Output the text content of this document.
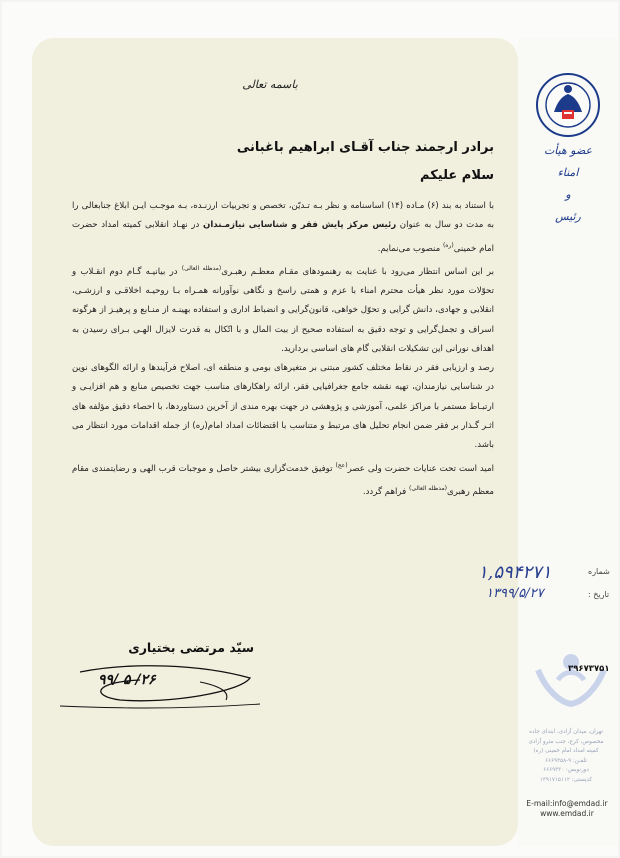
باسمه تعالی
برادر ارجمند جناب آقـای ابراهیم باغبانی
سلام علیکم

با استناد به بند (۶) مـاده (۱۴) اساسنامه و نظر بـه تـدیّن، تخصص و تجربیات ارزنـده، بـه موجـب ایـن ابلاغ جنابعالی را به مدت دو سال به عنوان رئیس مرکز پایش فقر و شناسایی نیازمـندان در نهـاد انقلابی کمیته امداد حضرت امام خمینی$^{(ره)}$ منصوب می‌نمایم.

بر این اساس انتظار می‌رود با عنایت به رهنمودهای مقـام معظـم رهبـری$^{(مدظله العالی)}$ در بیانیـه گـام دوم انقـلاب و تحوّلات مورد نظر هیأت محترم امناء با عزم و همتی راسخ و نگاهی نوآورانه همـراه بـا روحیـه اخلاقـی و ارزشـی، انقلابی و جهادی، دانش گرایی و تحوّل خواهی، قانون‌گرایی و انضباط اداری و استفاده بهینـه از منـابع و پرهیـز از هرگونه اسراف و تجمل‌گرایی و توجه دقیق به استفاده صحیح از بیت المال و با اتّکال به قدرت لایزال الهـی بـرای رسیدن به اهداف نورانی این تشکیلات انقلابی گام های اساسی بردارید.

رصد و ارزیابی فقر در نقاط مختلف کشور مبتنی بر متغیرهای بومی و منطقه ای، اصلاح فرآیندها و ارائه الگوهای نوین در شناسایی نیازمندان، تهیه نقشه جامع جغرافیایی فقر، ارائه راهکارهای مناسب جهت تخصیص منابع و هم افزایـی و ارتبـاط مستمر با مراکز علمی، آموزشی و پژوهشی در جهت بهره مندی از آخرین دستاوردها، با احصاء دقیق مؤلفه های اثـر گـذار بر فقر ضمن انجام تحلیل های مرتبط و متناسب با اقتضائات امداد امام(ره) از جمله اقدامات مورد انتظار می باشد.

امید است تحت عنایات حضرت ولی عصر$^{(عج)}$ توفیق خدمت‌گزاری بیشتر حاصل و موجبات قرب الهی و رضایتمندی مقام معظم رهبری$^{(مدظله العالی)}$ فراهم گردد.

سیّد مرتضی بختیاری
۹۹/ ۵ /۲۶
عضو هیأت امناء
و
رئیس
شماره
۱,۵۹۴۲۷۱
تاریخ :
۱۳۹۹/۵/۲۷
۳۹۶۷۳۷۵۱
تهران، میدان آزادی، ابتدای جاده
مخصوص، کرج، جنب مترو آزادی
کمیته امداد امام خمینی (ره)
تلفـن: ۹-۶۶۶۹۳۵۸
دورنویس: ۶۶۶۹۳۳۰
کدپستی: ۱۳۹۱۷۱۵۱۱۲
E-mail:info@emdad.ir
www.emdad.ir
